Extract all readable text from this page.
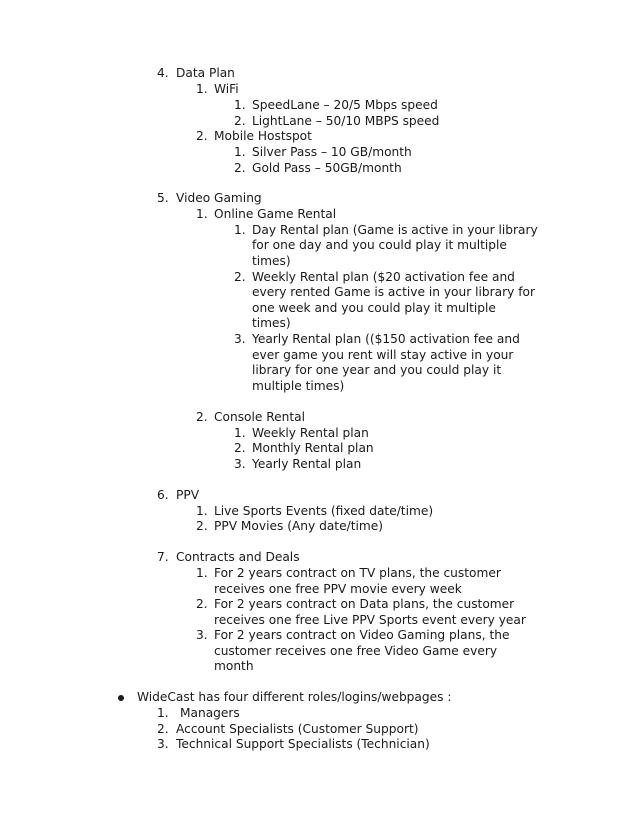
4. Data Plan
1. WiFi
1. SpeedLane – 20/5 Mbps speed
2. LightLane – 50/10 MBPS speed
2. Mobile Hostspot
1. Silver Pass – 10 GB/month
2. Gold Pass – 50GB/month
5. Video Gaming
1. Online Game Rental
1. Day Rental plan (Game is active in your library
for one day and you could play it multiple
times)
2. Weekly Rental plan ($20 activation fee and
every rented Game is active in your library for
one week and you could play it multiple
times)
3. Yearly Rental plan (($150 activation fee and
ever game you rent will stay active in your
library for one year and you could play it
multiple times)
2. Console Rental
1. Weekly Rental plan
2. Monthly Rental plan
3. Yearly Rental plan
6. PPV
1. Live Sports Events (fixed date/time)
2. PPV Movies (Any date/time)
7. Contracts and Deals
1. For 2 years contract on TV plans, the customer
receives one free PPV movie every week
2. For 2 years contract on Data plans, the customer
receives one free Live PPV Sports event every year
3. For 2 years contract on Video Gaming plans, the
customer receives one free Video Game every
month
WideCast has four different roles/logins/webpages :
1. Managers
2. Account Specialists (Customer Support)
3. Technical Support Specialists (Technician)
